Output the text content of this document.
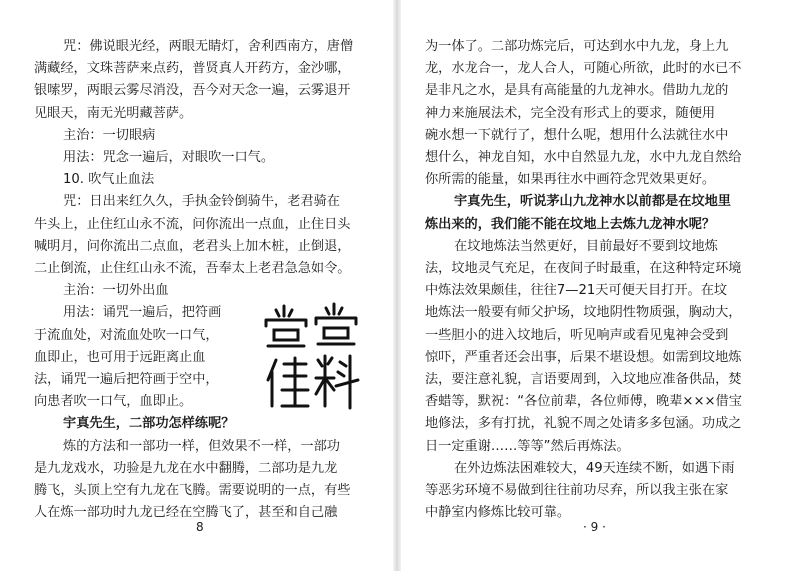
咒：佛说眼光经，两眼无睛灯，舍利西南方，唐僧

满藏经，文珠菩萨来点药，普贤真人开药方，金沙哪，

银嗦罗，两眼云雾尽消没，吾今对天念一遍，云雾退开

见眼天，南无光明藏菩萨。

主治：一切眼病

用法：咒念一遍后，对眼吹一口气。

10. 吹气止血法

咒：日出来红久久，手执金铃倒骑牛，老君骑在

牛头上，止住红山永不流，问你流出一点血，止住日头

喊明月，问你流出二点血，老君头上加木桩，止倒退，

二止倒流，止住红山永不流，吾奉太上老君急急如令。

主治：一切外出血

用法：诵咒一遍后，把符画

于流血处，对流血处吹一口气，

血即止，也可用于远距离止血

法，诵咒一遍后把符画于空中，

向患者吹一口气，血即止。

宇真先生，二部功怎样练呢？

炼的方法和一部功一样，但效果不一样，一部功

是九龙戏水，功验是九龙在水中翻腾，二部功是九龙

腾飞，头顶上空有九龙在飞腾。需要说明的一点，有些

人在炼一部功时九龙已经在空腾飞了，甚至和自己融

8

为一体了。二部功炼完后，可达到水中九龙，身上九

龙，水龙合一，龙人合人，可随心所欲，此时的水已不

是非凡之水，是具有高能量的九龙神水。借助九龙的

神力来施展法术，完全没有形式上的要求，随便用

碗水想一下就行了，想什么呢，想用什么法就往水中

想什么，神龙自知，水中自然显九龙，水中九龙自然给

你所需的能量，如果再往水中画符念咒效果更好。

宇真先生，听说茅山九龙神水以前都是在坟地里

炼出来的，我们能不能在坟地上去炼九龙神水呢？

在坟地炼法当然更好，目前最好不要到坟地炼

法，坟地灵气充足，在夜间子时最重，在这种特定环境

中炼法效果颇佳，往往7—21天可便天目打开。在坟

地炼法一般要有师父护场，坟地阴性物质强，胸动大，

一些胆小的进入坟地后，听见响声或看见鬼神会受到

惊吓，严重者还会出事，后果不堪设想。如需到坟地炼

法，要注意礼貌，言语要周到，入坟地应准备供品，焚

香蜡等，默祝：“各位前辈，各位师傅，晚辈×××借宝

地修法，多有打扰，礼貌不周之处请多多包涵。功成之

日一定重谢……等等”然后再炼法。

在外边炼法困难较大，49天连续不断，如遇下雨

等恶劣环境不易做到往往前功尽弃，所以我主张在家

中静室内修炼比较可靠。

· 9 ·
